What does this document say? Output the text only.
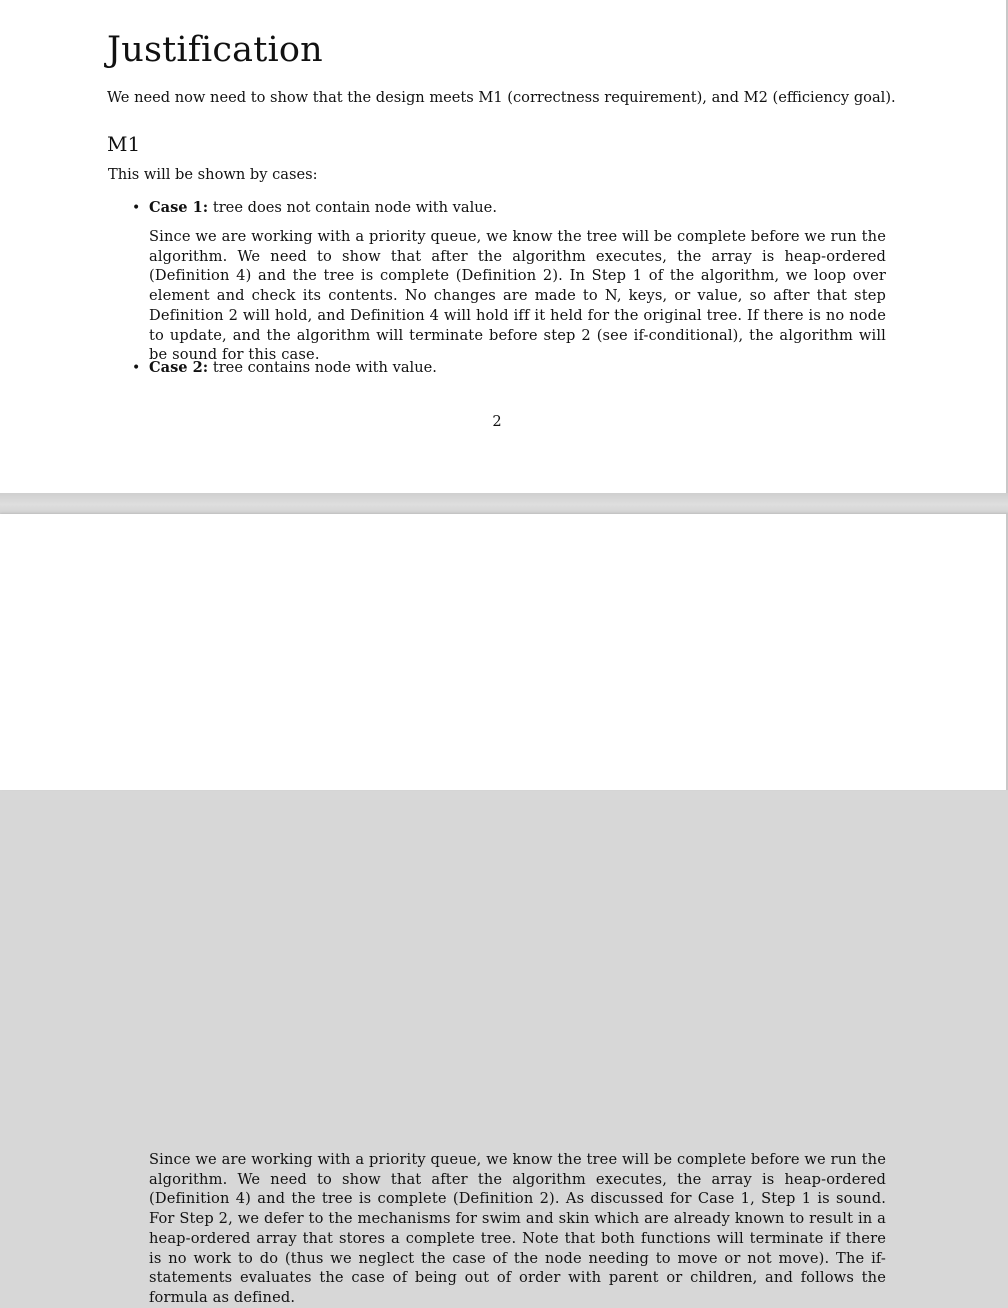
Justification

We need now need to show that the design meets M1 (correctness requirement), and M2 (efficiency goal).

M1

This will be shown by cases:

• Case 1: tree does not contain node with value.

Since we are working with a priority queue, we know the tree will be complete before we run the algorithm. We need to show that after the algorithm executes, the array is heap-ordered (Definition 4) and the tree is complete (Definition 2). In Step 1 of the algorithm, we loop over element and check its contents. No changes are made to N, keys, or value, so after that step Definition 2 will hold, and Definition 4 will hold iff it held for the original tree. If there is no node to update, and the algorithm will terminate before step 2 (see if-conditional), the algorithm will be sound for this case.

• Case 2: tree contains node with value.

2

Since we are working with a priority queue, we know the tree will be complete before we run the algorithm. We need to show that after the algorithm executes, the array is heap-ordered (Definition 4) and the tree is complete (Definition 2). As discussed for Case 1, Step 1 is sound. For Step 2, we defer to the mechanisms for swim and skin which are already known to result in a heap-ordered array that stores a complete tree. Note that both functions will terminate if there is no work to do (thus we neglect the case of the node needing to move or not move). The if-statements evaluates the case of being out of order with parent or children, and follows the formula as defined.
